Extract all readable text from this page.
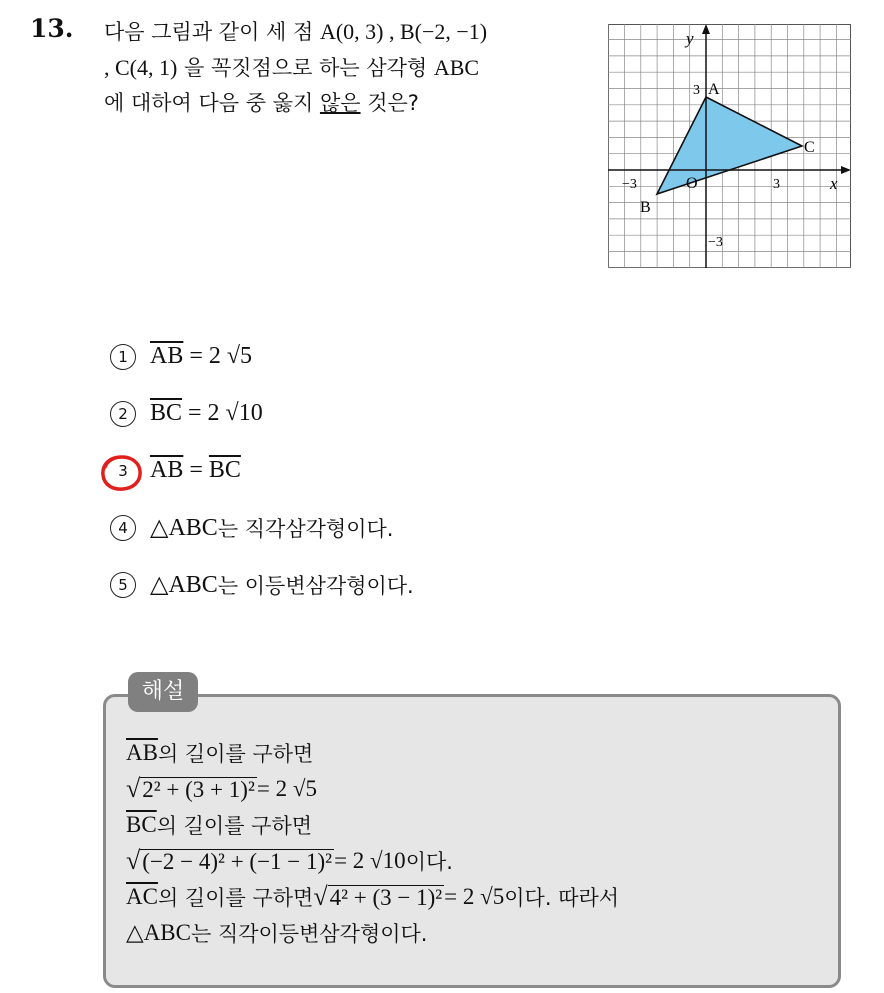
13. 다음 그림과 같이 세 점 A(0, 3) , B(−2, −1)
, C(4, 1) 을 꼭짓점으로 하는 삼각형 ABC
에 대하여 다음 중 옳지 않은 것은?
x
y
−3	3
3
−3
O
A
B
C
1 $\overline{AB} = 2$ √5
2 $\overline{BC} = 2$ √10
3 $\overline{AB} = \overline{BC}$
4 △ABC 는 직각삼각형이다.
5 △ABC 는 이등변삼각형이다.
해설
$\overline{AB}$ 의 길이를 구하면
√ 2² + (3 + 1)² = 2 √5
$\overline{BC}$ 의 길이를 구하면
√ (−2 − 4)² + (−1 − 1)² = 2 √10 이다.
$\overline{AC}$ 의 길이를 구하면 √ 4² + (3 − 1)² = 2 √5 이다. 따라서
△ABC 는 직각이등변삼각형이다.
